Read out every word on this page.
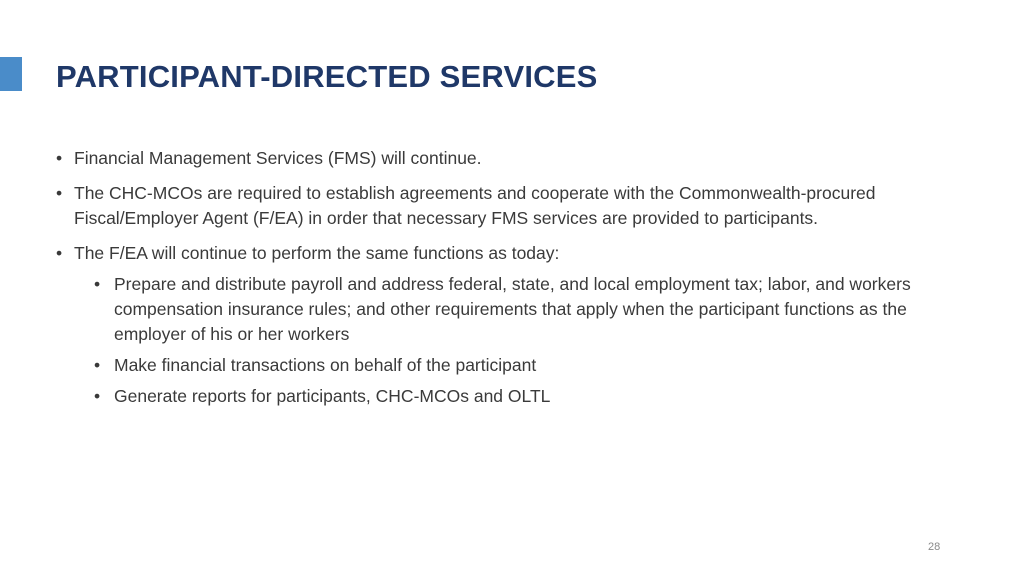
PARTICIPANT-DIRECTED SERVICES
• Financial Management Services (FMS) will continue.
• The CHC-MCOs are required to establish agreements and cooperate with the Commonwealth-procured Fiscal/Employer Agent (F/EA) in order that necessary FMS services are provided to participants.
• The F/EA will continue to perform the same functions as today:
• Prepare and distribute payroll and address federal, state, and local employment tax; labor, and workers compensation insurance rules; and other requirements that apply when the participant functions as the employer of his or her workers
• Make financial transactions on behalf of the participant
• Generate reports for participants, CHC-MCOs and OLTL
28
